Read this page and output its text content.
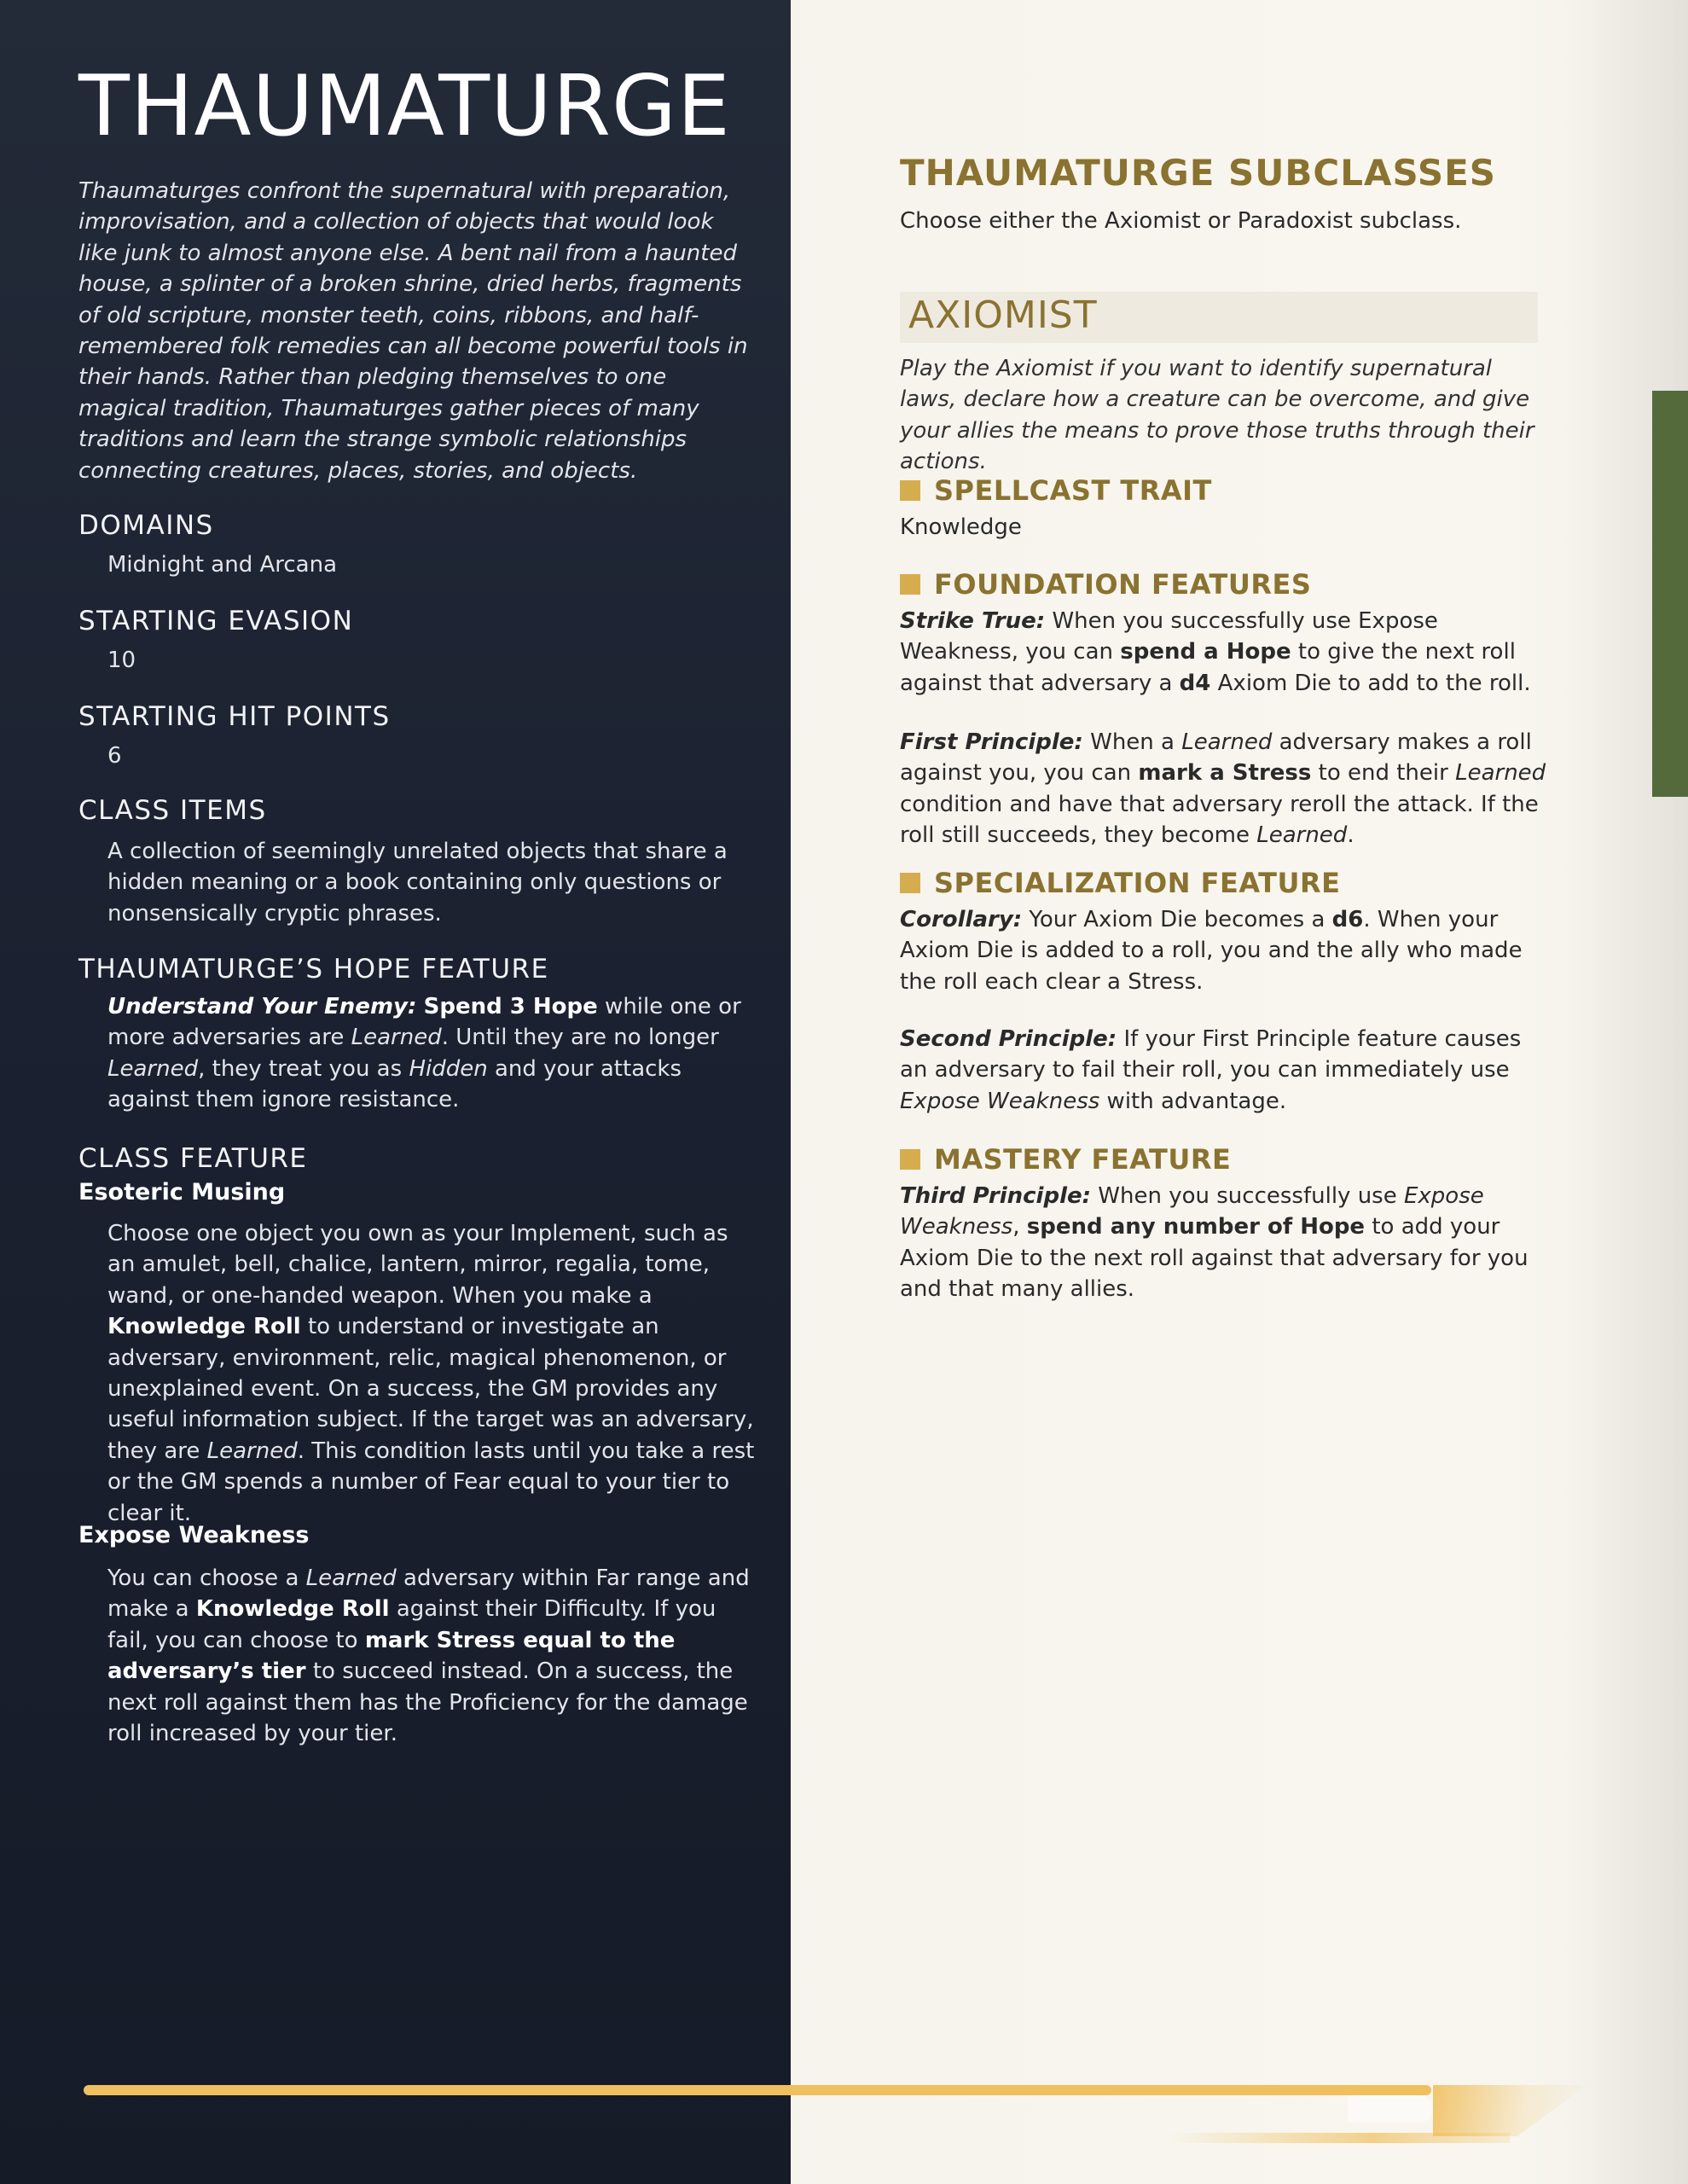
THAUMATURGE

Thaumaturges confront the supernatural with preparation, improvisation, and a collection of objects that would look like junk to almost anyone else. A bent nail from a haunted house, a splinter of a broken shrine, dried herbs, fragments of old scripture, monster teeth, coins, ribbons, and half-remembered folk remedies can all become powerful tools in their hands. Rather than pledging themselves to one magical tradition, Thaumaturges gather pieces of many traditions and learn the strange symbolic relationships connecting creatures, places, stories, and objects.

DOMAINS

Midnight and Arcana

STARTING EVASION

10

STARTING HIT POINTS

6

CLASS ITEMS

A collection of seemingly unrelated objects that share a hidden meaning or a book containing only questions or nonsensically cryptic phrases.

THAUMATURGE’S HOPE FEATURE

Understand Your Enemy: Spend 3 Hope while one or more adversaries are Learned. Until they are no longer Learned, they treat you as Hidden and your attacks against them ignore resistance.

CLASS FEATURE
Esoteric Musing

Choose one object you own as your Implement, such as an amulet, bell, chalice, lantern, mirror, regalia, tome, wand, or one-handed weapon. When you make a Knowledge Roll to understand or investigate an adversary, environment, relic, magical phenomenon, or unexplained event. On a success, the GM provides any useful information subject. If the target was an adversary, they are Learned. This condition lasts until you take a rest or the GM spends a number of Fear equal to your tier to clear it.

Expose Weakness

You can choose a Learned adversary within Far range and make a Knowledge Roll against their Difficulty. If you fail, you can choose to mark Stress equal to the adversary’s tier to succeed instead. On a success, the next roll against them has the Proficiency for the damage roll increased by your tier.

THAUMATURGE SUBCLASSES

Choose either the Axiomist or Paradoxist subclass.

AXIOMIST

Play the Axiomist if you want to identify supernatural laws, declare how a creature can be overcome, and give your allies the means to prove those truths through their actions.

SPELLCAST TRAIT

Knowledge

FOUNDATION FEATURES

Strike True: When you successfully use Expose Weakness, you can spend a Hope to give the next roll against that adversary a d4 Axiom Die to add to the roll.

First Principle: When a Learned adversary makes a roll against you, you can mark a Stress to end their Learned condition and have that adversary reroll the attack. If the roll still succeeds, they become Learned.

SPECIALIZATION FEATURE

Corollary: Your Axiom Die becomes a d6. When your Axiom Die is added to a roll, you and the ally who made the roll each clear a Stress.

Second Principle: If your First Principle feature causes an adversary to fail their roll, you can immediately use Expose Weakness with advantage.

MASTERY FEATURE

Third Principle: When you successfully use Expose Weakness, spend any number of Hope to add your Axiom Die to the next roll against that adversary for you and that many allies.
